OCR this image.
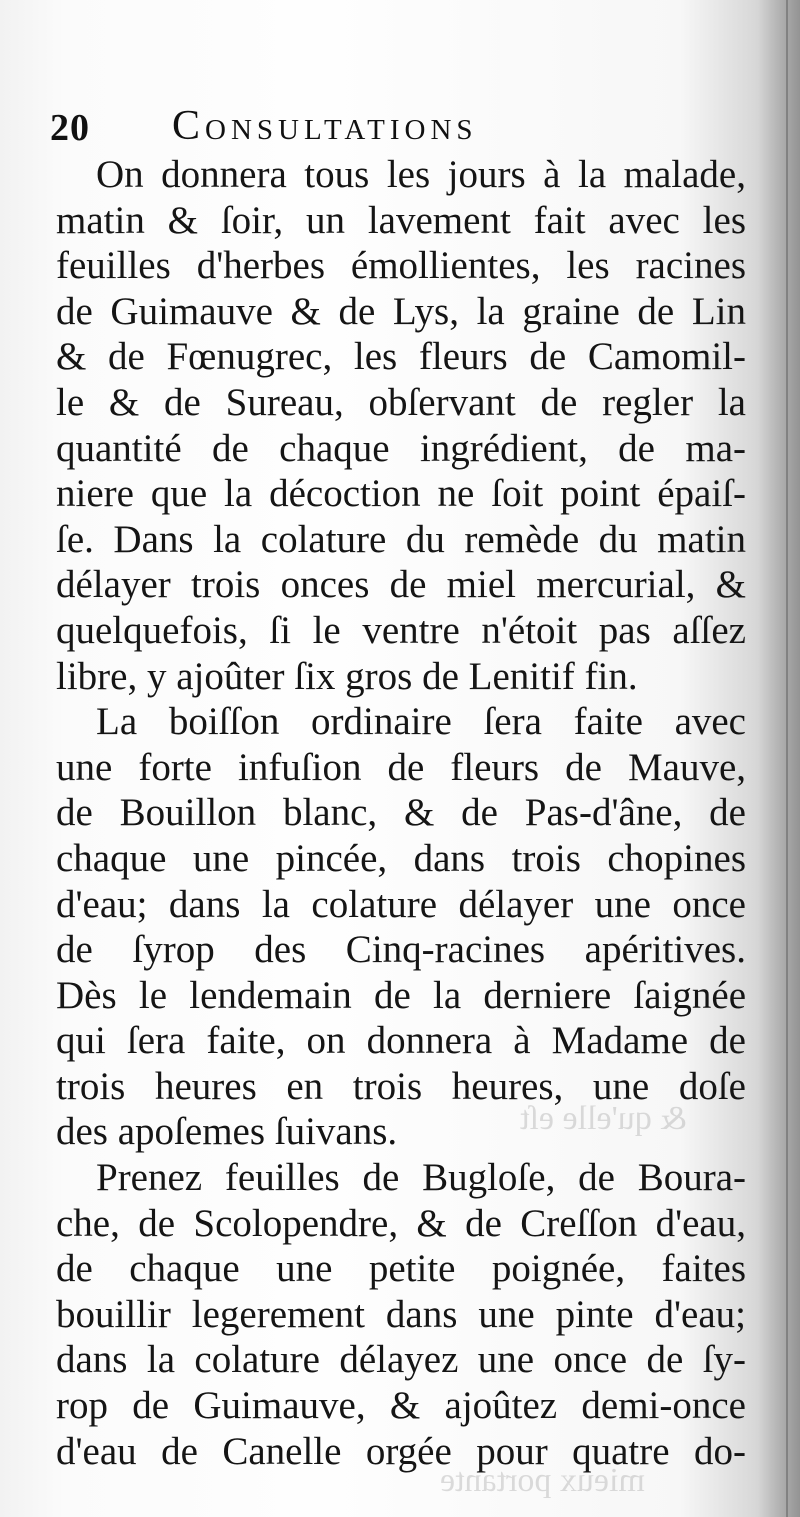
20 Consultations
& qu'elle eſt
mieux portante
On donnera tous les jours à la malade,
matin & ſoir, un lavement fait avec les
feuilles d'herbes émollientes, les racines
de Guimauve & de Lys, la graine de Lin
& de Fœnugrec, les fleurs de Camomil-
le & de Sureau, obſervant de regler la
quantité de chaque ingrédient, de ma-
niere que la décoction ne ſoit point épaiſ-
ſe. Dans la colature du remède du matin
délayer trois onces de miel mercurial, &
quelquefois, ſi le ventre n'étoit pas aſſez
libre, y ajoûter ſix gros de Lenitif fin.
La boiſſon ordinaire ſera faite avec
une forte infuſion de fleurs de Mauve,
de Bouillon blanc, & de Pas-d'âne, de
chaque une pincée, dans trois chopines
d'eau; dans la colature délayer une once
de ſyrop des Cinq-racines apéritives.
Dès le lendemain de la derniere ſaignée
qui ſera faite, on donnera à Madame de
trois heures en trois heures, une doſe
des apoſemes ſuivans.
Prenez feuilles de Bugloſe, de Boura-
che, de Scolopendre, & de Creſſon d'eau,
de chaque une petite poignée, faites
bouillir legerement dans une pinte d'eau;
dans la colature délayez une once de ſy-
rop de Guimauve, & ajoûtez demi-once
d'eau de Canelle orgée pour quatre do-
